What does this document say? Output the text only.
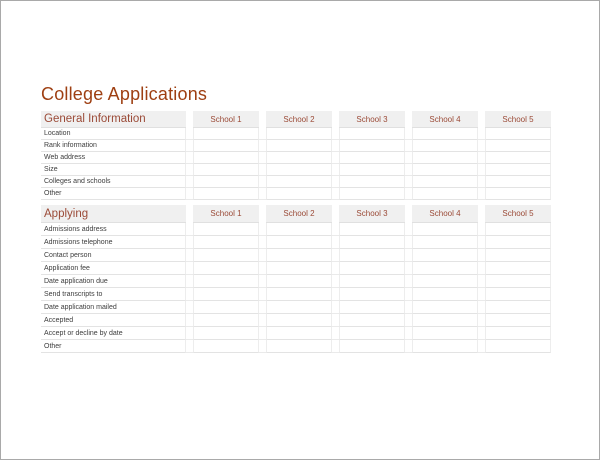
College Applications
General Information	School 1	School 2	School 3	School 4	School 5
Location
Rank information
Web address
Size
Colleges and schools
Other
Applying	School 1	School 2	School 3	School 4	School 5
Admissions address
Admissions telephone
Contact person
Application fee
Date application due
Send transcripts to
Date application mailed
Accepted
Accept or decline by date
Other
